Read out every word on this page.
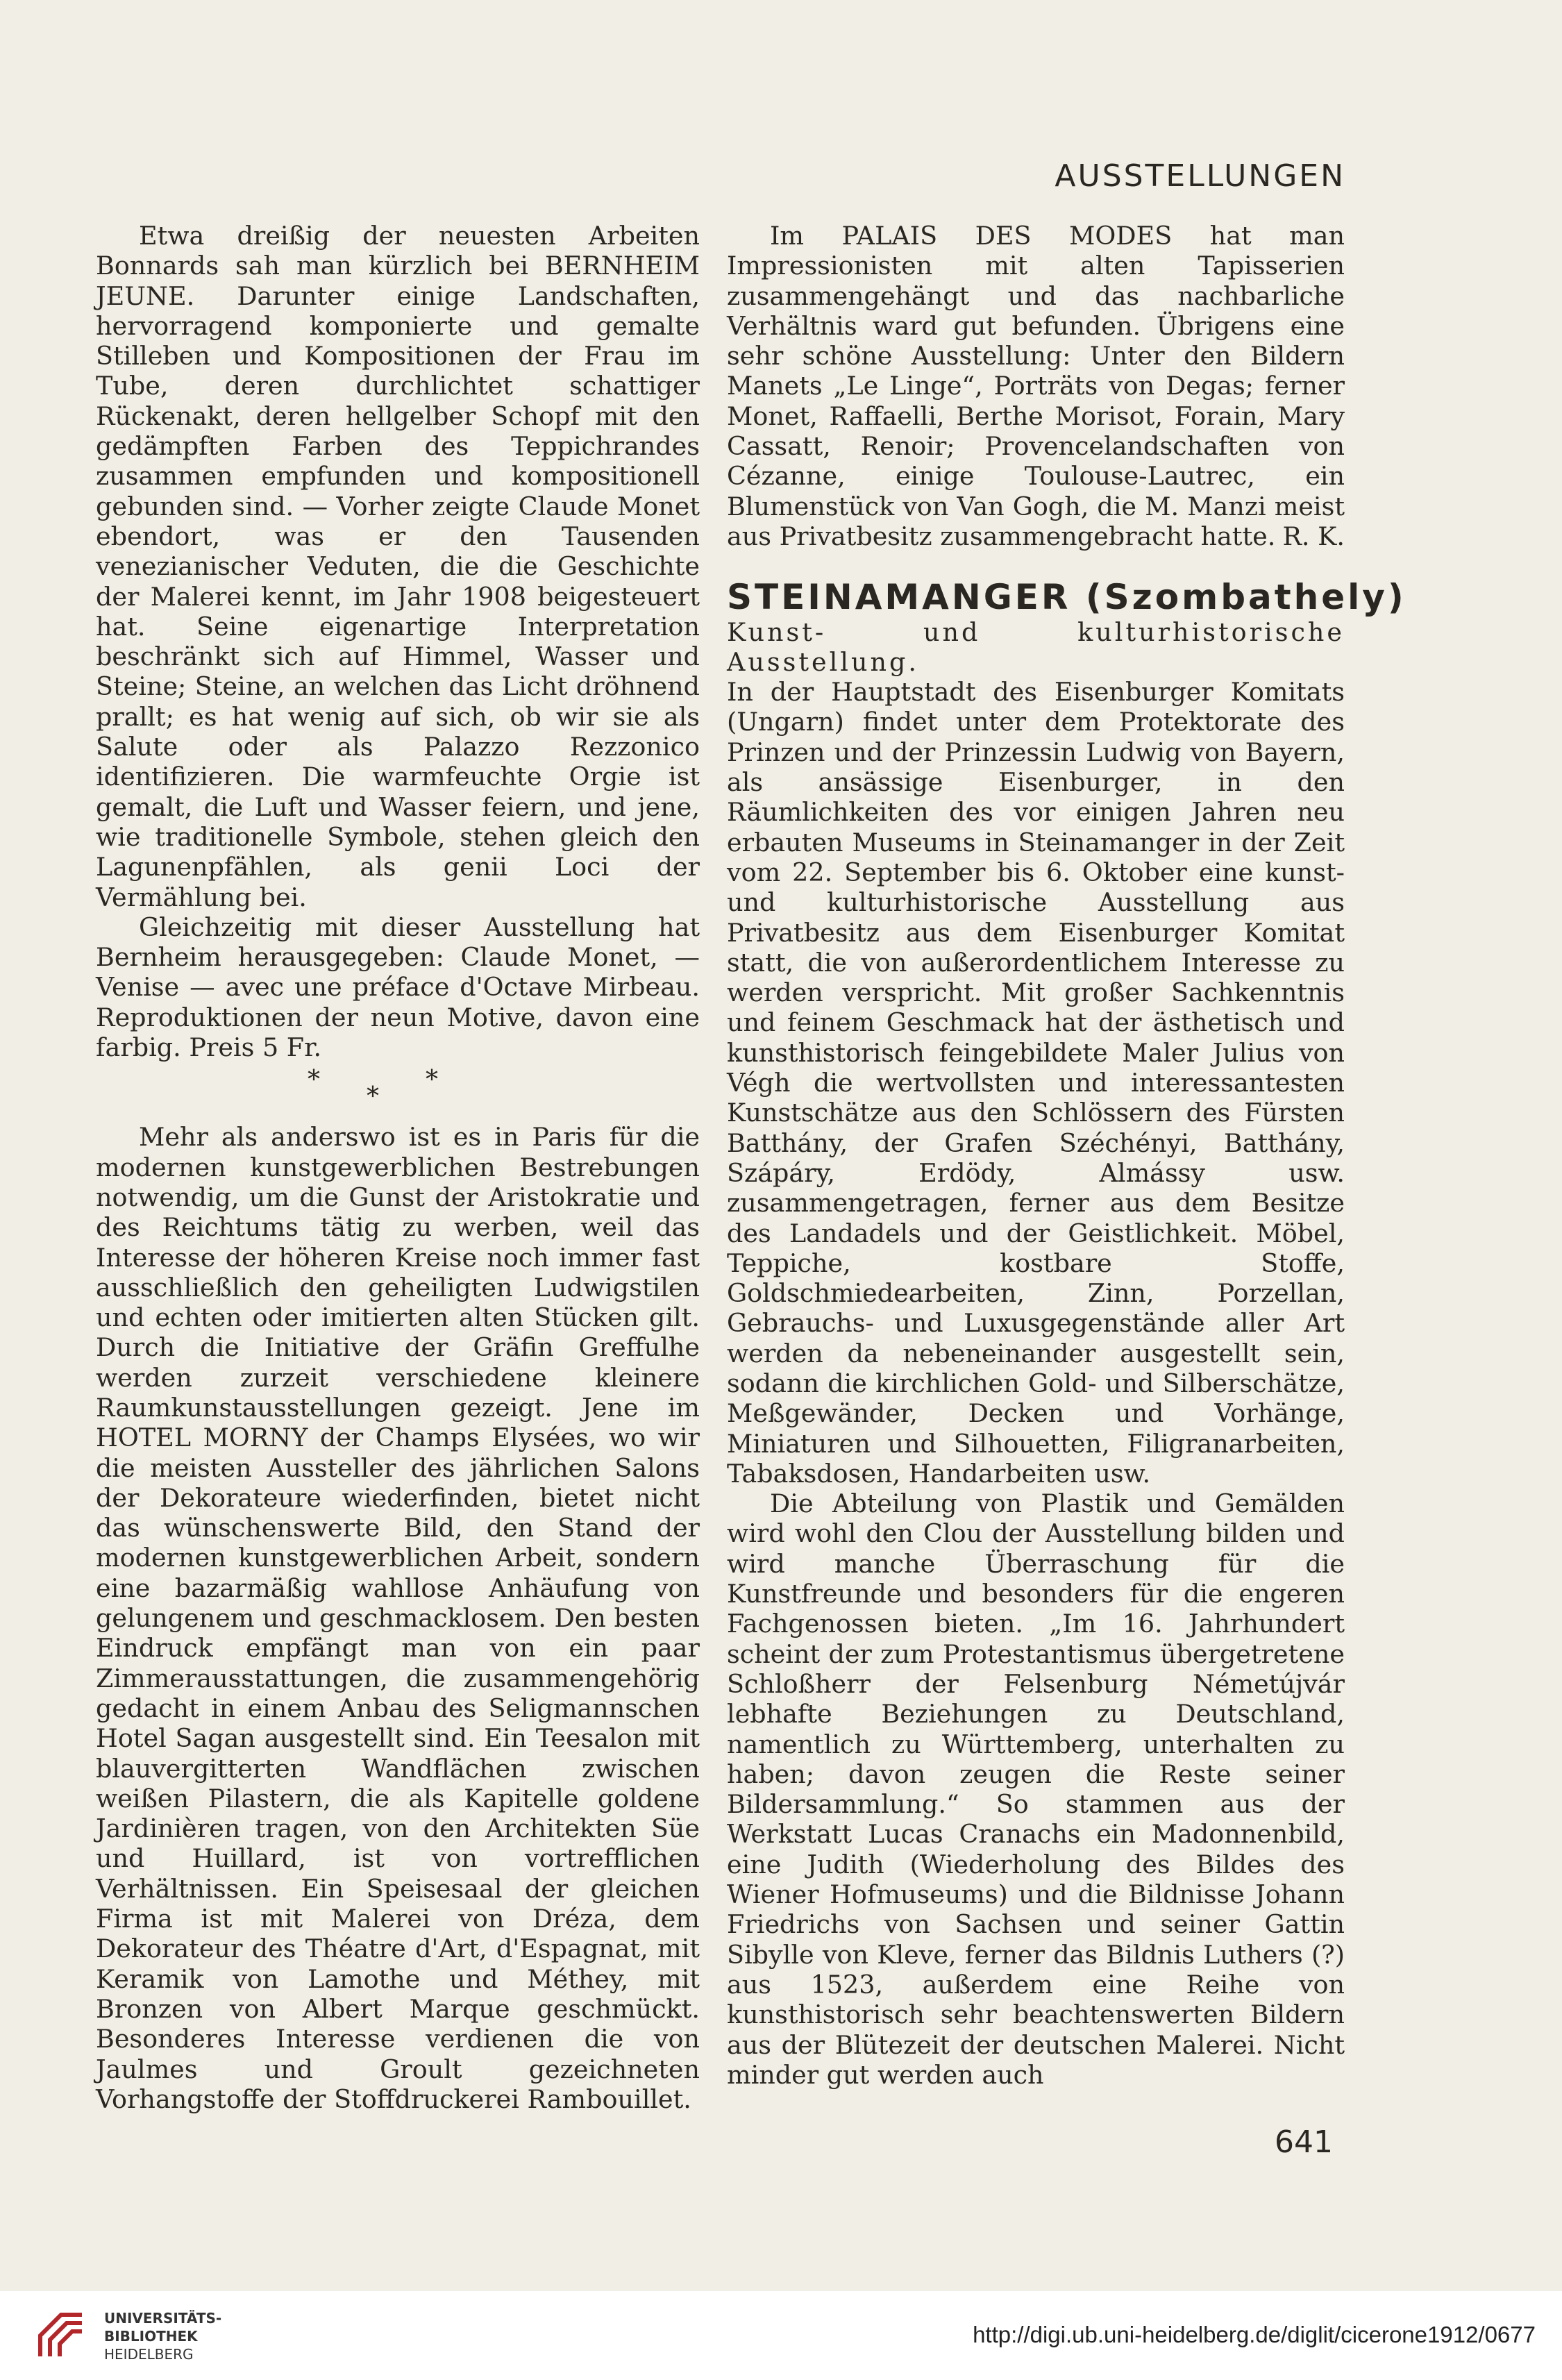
AUSSTELLUNGEN

Etwa dreißig der neuesten Arbeiten Bonnards sah man kürzlich bei BERNHEIM JEUNE. Darunter einige Landschaften, hervorragend komponierte und gemalte Stilleben und Kompositionen der Frau im Tube, deren durchlichtet schattiger Rückenakt, deren hellgelber Schopf mit den gedämpften Farben des Teppichrandes zusammen empfunden und kompositionell gebunden sind. — Vorher zeigte Claude Monet ebendort, was er den Tausenden venezianischer Veduten, die die Geschichte der Malerei kennt, im Jahr 1908 beigesteuert hat. Seine eigenartige Interpretation beschränkt sich auf Himmel, Wasser und Steine; Steine, an welchen das Licht dröhnend prallt; es hat wenig auf sich, ob wir sie als Salute oder als Palazzo Rezzonico identifizieren. Die warmfeuchte Orgie ist gemalt, die Luft und Wasser feiern, und jene, wie traditionelle Symbole, stehen gleich den Lagunenpfählen, als genii Loci der Vermählung bei.

Gleichzeitig mit dieser Ausstellung hat Bernheim herausgegeben: Claude Monet, — Venise — avec une préface d'Octave Mirbeau. Reproduktionen der neun Motive, davon eine farbig. Preis 5 Fr.

*	*
*

Mehr als anderswo ist es in Paris für die modernen kunstgewerblichen Bestrebungen notwendig, um die Gunst der Aristokratie und des Reichtums tätig zu werben, weil das Interesse der höheren Kreise noch immer fast ausschließlich den geheiligten Ludwigstilen und echten oder imitierten alten Stücken gilt. Durch die Initiative der Gräfin Greffulhe werden zurzeit verschiedene kleinere Raumkunstausstellungen gezeigt. Jene im HOTEL MORNY der Champs Elysées, wo wir die meisten Aussteller des jährlichen Salons der Dekorateure wiederfinden, bietet nicht das wünschenswerte Bild, den Stand der modernen kunstgewerblichen Arbeit, sondern eine bazarmäßig wahllose Anhäufung von gelungenem und geschmacklosem. Den besten Eindruck empfängt man von ein paar Zimmerausstattungen, die zusammengehörig gedacht in einem Anbau des Seligmannschen Hotel Sagan ausgestellt sind. Ein Teesalon mit blauvergitterten Wandflächen zwischen weißen Pilastern, die als Kapitelle goldene Jardinièren tragen, von den Architekten Süe und Huillard, ist von vortrefflichen Verhältnissen. Ein Speisesaal der gleichen Firma ist mit Malerei von Dréza, dem Dekorateur des Théatre d'Art, d'Espagnat, mit Keramik von Lamothe und Méthey, mit Bronzen von Albert Marque geschmückt. Besonderes Interesse verdienen die von Jaulmes und Groult gezeichneten Vorhangstoffe der Stoffdruckerei Rambouillet.

Im PALAIS DES MODES hat man Impressionisten mit alten Tapisserien zusammengehängt und das nachbarliche Verhältnis ward gut befunden. Übrigens eine sehr schöne Ausstellung: Unter den Bildern Manets „Le Linge“, Porträts von Degas; ferner Monet, Raffaelli, Berthe Morisot, Forain, Mary Cassatt, Renoir; Provencelandschaften von Cézanne, einige Toulouse-Lautrec, ein Blumenstück von Van Gogh, die M. Manzi meist aus Privatbesitz zusammengebracht hatte. R. K.
STEINAMANGER (Szombathely)

Kunst- und kulturhistorische Ausstellung.

In der Hauptstadt des Eisenburger Komitats (Ungarn) findet unter dem Protektorate des Prinzen und der Prinzessin Ludwig von Bayern, als ansässige Eisenburger, in den Räumlichkeiten des vor einigen Jahren neu erbauten Museums in Steinamanger in der Zeit vom 22. September bis 6. Oktober eine kunst- und kulturhistorische Ausstellung aus Privatbesitz aus dem Eisenburger Komitat statt, die von außerordentlichem Interesse zu werden verspricht. Mit großer Sachkenntnis und feinem Geschmack hat der ästhetisch und kunsthistorisch feingebildete Maler Julius von Végh die wertvollsten und interessantesten Kunstschätze aus den Schlössern des Fürsten Batthány, der Grafen Széchényi, Batthány, Szápáry, Erdödy, Almássy usw. zusammengetragen, ferner aus dem Besitze des Landadels und der Geistlichkeit. Möbel, Teppiche, kostbare Stoffe, Goldschmiedearbeiten, Zinn, Porzellan, Gebrauchs- und Luxusgegenstände aller Art werden da nebeneinander ausgestellt sein, sodann die kirchlichen Gold- und Silberschätze, Meßgewänder, Decken und Vorhänge, Miniaturen und Silhouetten, Filigranarbeiten, Tabaksdosen, Handarbeiten usw.

Die Abteilung von Plastik und Gemälden wird wohl den Clou der Ausstellung bilden und wird manche Überraschung für die Kunstfreunde und besonders für die engeren Fachgenossen bieten. „Im 16. Jahrhundert scheint der zum Protestantismus übergetretene Schloßherr der Felsenburg Németújvár lebhafte Beziehungen zu Deutschland, namentlich zu Württemberg, unterhalten zu haben; davon zeugen die Reste seiner Bildersammlung.“ So stammen aus der Werkstatt Lucas Cranachs ein Madonnenbild, eine Judith (Wiederholung des Bildes des Wiener Hofmuseums) und die Bildnisse Johann Friedrichs von Sachsen und seiner Gattin Sibylle von Kleve, ferner das Bildnis Luthers (?) aus 1523, außerdem eine Reihe von kunsthistorisch sehr beachtenswerten Bildern aus der Blütezeit der deutschen Malerei. Nicht minder gut werden auch

641
UNIVERSITÄTS-
BIBLIOTHEK
HEIDELBERG
http://digi.ub.uni-heidelberg.de/diglit/cicerone1912/0677
